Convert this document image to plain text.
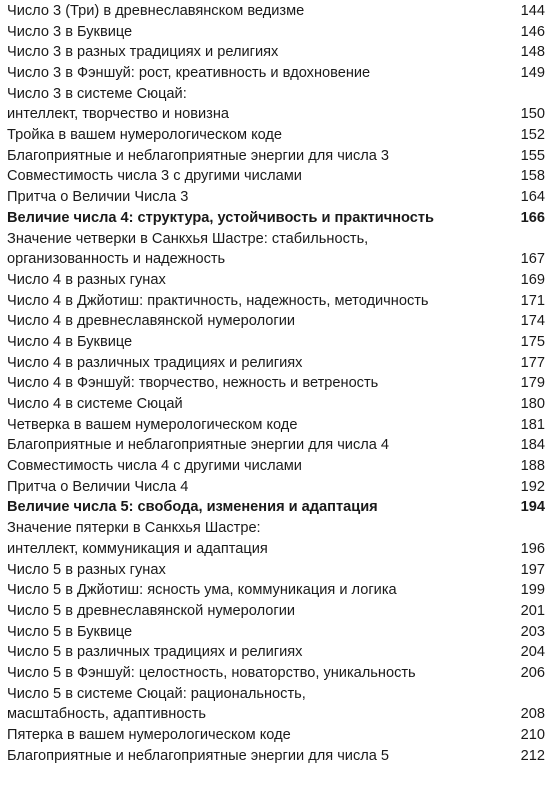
Число 3 (Три) в древнеславянском ведизме	144
Число 3 в Буквице	146
Число 3 в разных традициях и религиях	148
Число 3 в Фэншуй: рост, креативность и вдохновение	149
Число 3 в системе Сюцай:
интеллект, творчество и новизна	150
Тройка в вашем нумерологическом коде	152
Благоприятные и неблагоприятные энергии для числа 3	155
Совместимость числа 3 с другими числами	158
Притча о Величии Числа 3	164
Величие числа 4: структура, устойчивость и практичность	166
Значение четверки в Санкхья Шастре: стабильность,
организованность и надежность	167
Число 4 в разных гунах	169
Число 4 в Джйотиш: практичность, надежность, методичность	171
Число 4 в древнеславянской нумерологии	174
Число 4 в Буквице	175
Число 4 в различных традициях и религиях	177
Число 4 в Фэншуй: творчество, нежность и ветреность	179
Число 4 в системе Сюцай	180
Четверка в вашем нумерологическом коде	181
Благоприятные и неблагоприятные энергии для числа 4	184
Совместимость числа 4 с другими числами	188
Притча о Величии Числа 4	192
Величие числа 5: свобода, изменения и адаптация	194
Значение пятерки в Санкхья Шастре:
интеллект, коммуникация и адаптация	196
Число 5 в разных гунах	197
Число 5 в Джйотиш: ясность ума, коммуникация и логика	199
Число 5 в древнеславянской нумерологии	201
Число 5 в Буквице	203
Число 5 в различных традициях и религиях	204
Число 5 в Фэншуй: целостность, новаторство, уникальность	206
Число 5 в системе Сюцай: рациональность,
масштабность, адаптивность	208
Пятерка в вашем нумерологическом коде	210
Благоприятные и неблагоприятные энергии для числа 5	212
